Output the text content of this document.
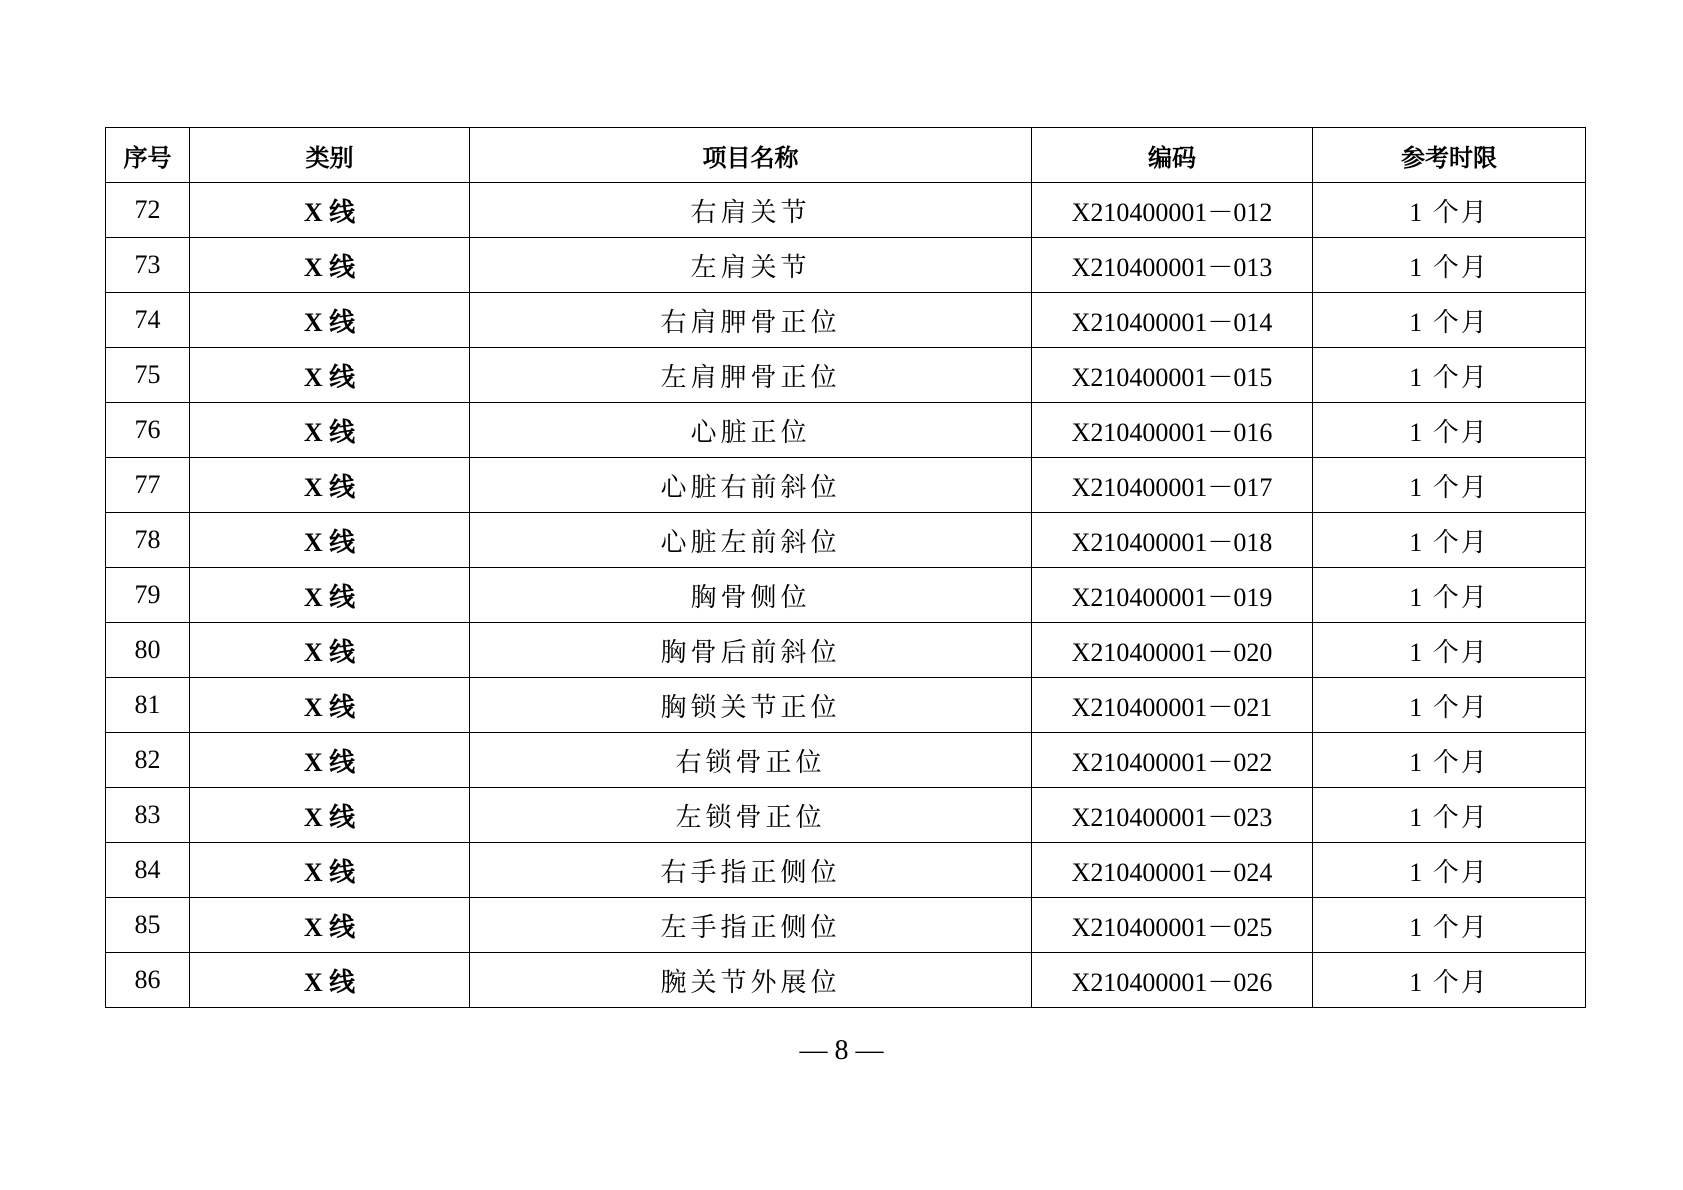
序号	类别	项目名称	编码	参考时限
72	X 线	右肩关节	X210400001－012	1 个月
73	X 线	左肩关节	X210400001－013	1 个月
74	X 线	右肩胛骨正位	X210400001－014	1 个月
75	X 线	左肩胛骨正位	X210400001－015	1 个月
76	X 线	心脏正位	X210400001－016	1 个月
77	X 线	心脏右前斜位	X210400001－017	1 个月
78	X 线	心脏左前斜位	X210400001－018	1 个月
79	X 线	胸骨侧位	X210400001－019	1 个月
80	X 线	胸骨后前斜位	X210400001－020	1 个月
81	X 线	胸锁关节正位	X210400001－021	1 个月
82	X 线	右锁骨正位	X210400001－022	1 个月
83	X 线	左锁骨正位	X210400001－023	1 个月
84	X 线	右手指正侧位	X210400001－024	1 个月
85	X 线	左手指正侧位	X210400001－025	1 个月
86	X 线	腕关节外展位	X210400001－026	1 个月
— 8 —
